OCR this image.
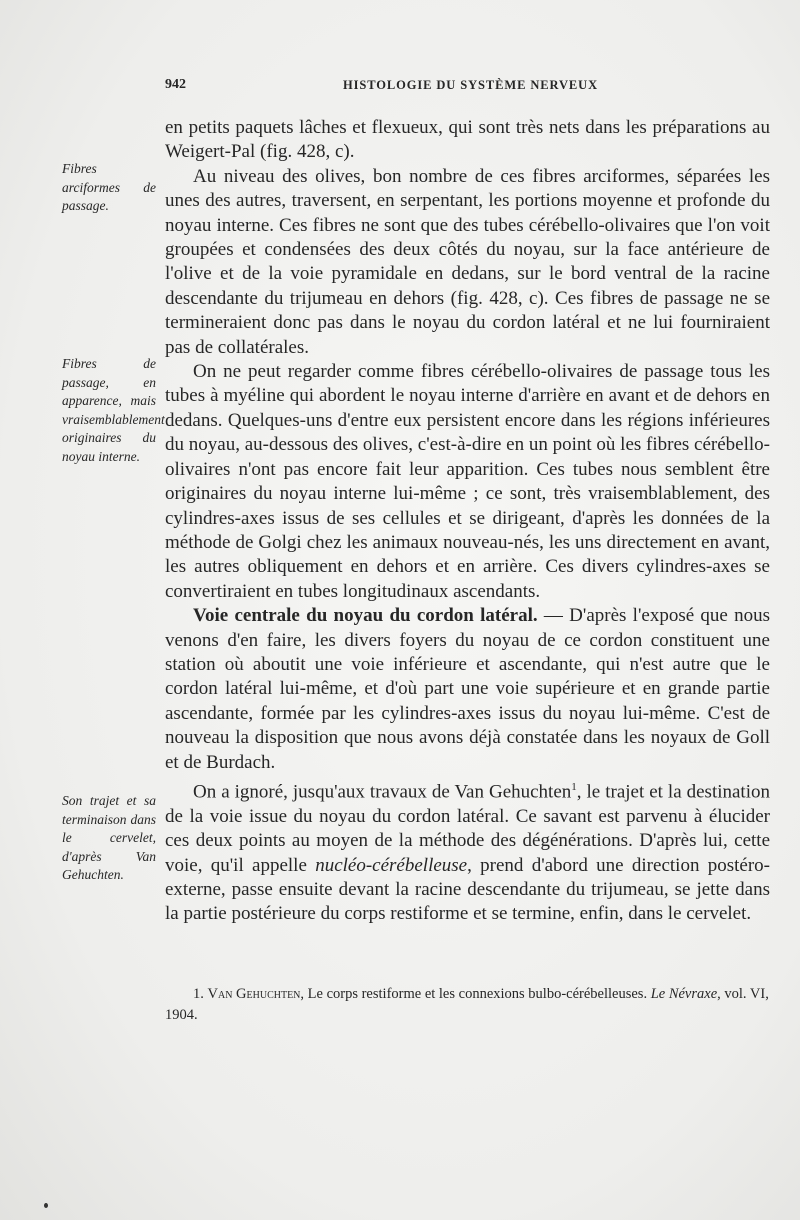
942	HISTOLOGIE DU SYSTÈME NERVEUX
Fibres arciformes de passage.
Fibres de passage, en apparence, mais vraisemblablement originaires du noyau interne.
Son trajet et sa terminaison dans le cervelet, d'après Van Gehuchten.

en petits paquets lâches et flexueux, qui sont très nets dans les préparations au Weigert-Pal (fig. 428, c).

Au niveau des olives, bon nombre de ces fibres arciformes, séparées les unes des autres, traversent, en serpentant, les portions moyenne et profonde du noyau interne. Ces fibres ne sont que des tubes cérébello-olivaires que l'on voit groupées et condensées des deux côtés du noyau, sur la face antérieure de l'olive et de la voie pyramidale en dedans, sur le bord ventral de la racine descendante du trijumeau en dehors (fig. 428, c). Ces fibres de passage ne se termineraient donc pas dans le noyau du cordon latéral et ne lui fourniraient pas de collatérales.

On ne peut regarder comme fibres cérébello-olivaires de passage tous les tubes à myéline qui abordent le noyau interne d'arrière en avant et de dehors en dedans. Quelques-uns d'entre eux persistent encore dans les régions inférieures du noyau, au-dessous des olives, c'est-à-dire en un point où les fibres cérébello-olivaires n'ont pas encore fait leur apparition. Ces tubes nous semblent être originaires du noyau interne lui-même ; ce sont, très vraisemblablement, des cylindres-axes issus de ses cellules et se dirigeant, d'après les données de la méthode de Golgi chez les animaux nouveau-nés, les uns directement en avant, les autres obliquement en dehors et en arrière. Ces divers cylindres-axes se convertiraient en tubes longitudinaux ascendants.

Voie centrale du noyau du cordon latéral. — D'après l'exposé que nous venons d'en faire, les divers foyers du noyau de ce cordon constituent une station où aboutit une voie inférieure et ascendante, qui n'est autre que le cordon latéral lui-même, et d'où part une voie supérieure et en grande partie ascendante, formée par les cylindres-axes issus du noyau lui-même. C'est de nouveau la disposition que nous avons déjà constatée dans les noyaux de Goll et de Burdach.

On a ignoré, jusqu'aux travaux de Van Gehuchten$^1$, le trajet et la destination de la voie issue du noyau du cordon latéral. Ce savant est parvenu à élucider ces deux points au moyen de la méthode des dégénérations. D'après lui, cette voie, qu'il appelle nucléo-cérébelleuse, prend d'abord une direction postéro-externe, passe ensuite devant la racine descendante du trijumeau, se jette dans la partie postérieure du corps restiforme et se termine, enfin, dans le cervelet.

1. Van Gehuchten, Le corps restiforme et les connexions bulbo-cérébelleuses. Le Névraxe, vol. VI, 1904.
